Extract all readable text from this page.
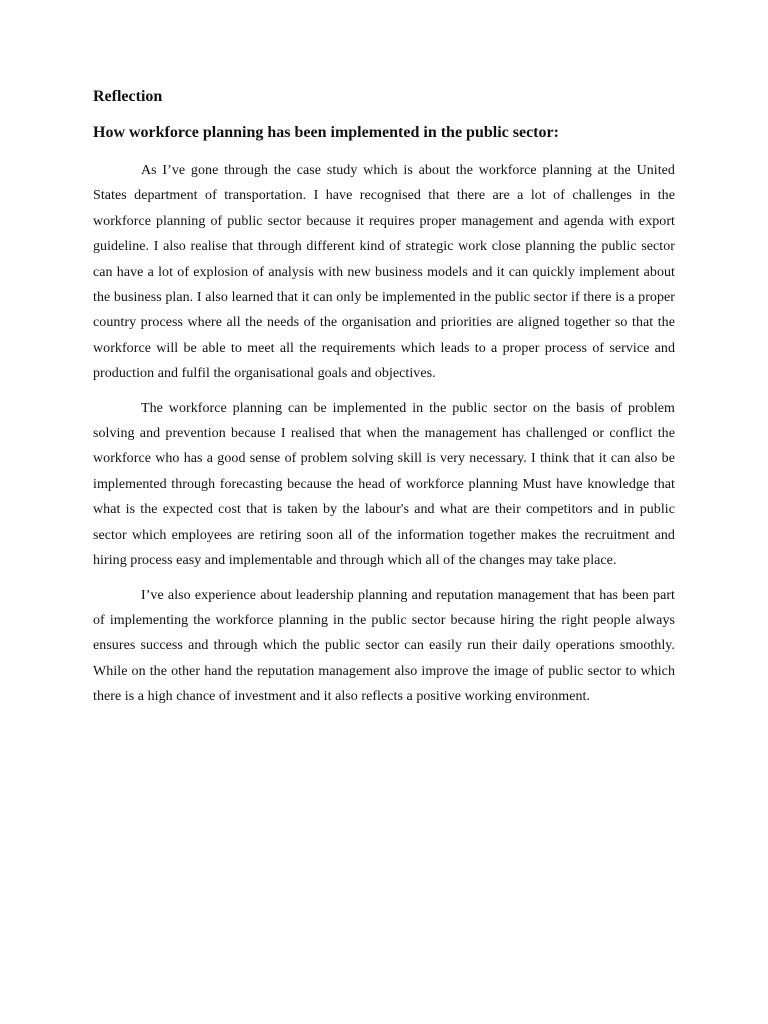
Reflection
How workforce planning has been implemented in the public sector:

As I’ve gone through the case study which is about the workforce planning at the United States department of transportation. I have recognised that there are a lot of challenges in the workforce planning of public sector because it requires proper management and agenda with export guideline. I also realise that through different kind of strategic work close planning the public sector can have a lot of explosion of analysis with new business models and it can quickly implement about the business plan. I also learned that it can only be implemented in the public sector if there is a proper country process where all the needs of the organisation and priorities are aligned together so that the workforce will be able to meet all the requirements which leads to a proper process of service and production and fulfil the organisational goals and objectives.

The workforce planning can be implemented in the public sector on the basis of problem solving and prevention because I realised that when the management has challenged or conflict the workforce who has a good sense of problem solving skill is very necessary. I think that it can also be implemented through forecasting because the head of workforce planning Must have knowledge that what is the expected cost that is taken by the labour's and what are their competitors and in public sector which employees are retiring soon all of the information together makes the recruitment and hiring process easy and implementable and through which all of the changes may take place.

I’ve also experience about leadership planning and reputation management that has been part of implementing the workforce planning in the public sector because hiring the right people always ensures success and through which the public sector can easily run their daily operations smoothly. While on the other hand the reputation management also improve the image of public sector to which there is a high chance of investment and it also reflects a positive working environment.
